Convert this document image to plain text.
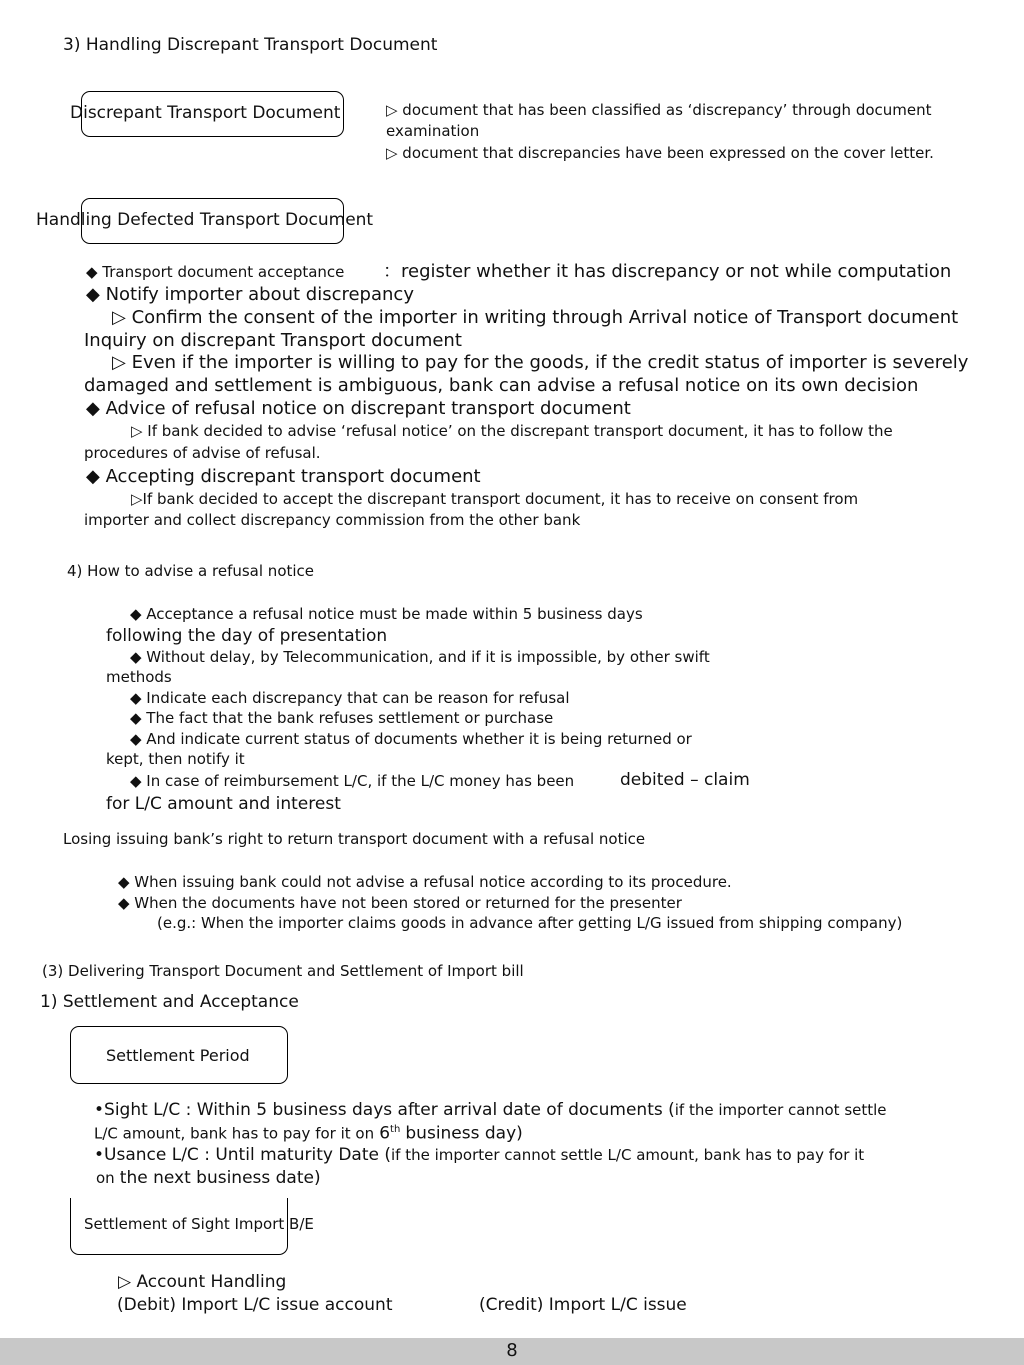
3) Handling Discrepant Transport Document
Discrepant Transport Document	▷ document that has been classified as ‘discrepancy’ through document
examination
▷ document that discrepancies have been expressed on the cover letter.
Handling Defected Transport Document
◆ Transport document acceptance ：register whether it has discrepancy or not while computation
◆ Notify importer about discrepancy
▷ Confirm the consent of the importer in writing through Arrival notice of Transport document
Inquiry on discrepant Transport document
▷ Even if the importer is willing to pay for the goods, if the credit status of importer is severely
damaged and settlement is ambiguous, bank can advise a refusal notice on its own decision
◆ Advice of refusal notice on discrepant transport document
▷ If bank decided to advise ‘refusal notice’ on the discrepant transport document, it has to follow the
procedures of advise of refusal.
◆ Accepting discrepant transport document
▷If bank decided to accept the discrepant transport document, it has to receive on consent from
importer and collect discrepancy commission from the other bank
4) How to advise a refusal notice
◆ Acceptance a refusal notice must be made within 5 business days
following the day of presentation
◆ Without delay, by Telecommunication, and if it is impossible, by other swift
methods
◆ Indicate each discrepancy that can be reason for refusal
◆ The fact that the bank refuses settlement or purchase
◆ And indicate current status of documents whether it is being returned or
kept, then notify it
◆ In case of reimbursement L/C, if the L/C money has been	debited – claim
for L/C amount and interest
Losing issuing bank’s right to return transport document with a refusal notice
◆ When issuing bank could not advise a refusal notice according to its procedure.
◆ When the documents have not been stored or returned for the presenter
(e.g.: When the importer claims goods in advance after getting L/G issued from shipping company)
(3) Delivering Transport Document and Settlement of Import bill
1) Settlement and Acceptance
Settlement Period
•Sight L/C : Within 5 business days after arrival date of documents (if the importer cannot settle
L/C amount, bank has to pay for it on 6th business day)
•Usance L/C : Until maturity Date (if the importer cannot settle L/C amount, bank has to pay for it
on the next business date)
Settlement of Sight Import B/E
▷ Account Handling
(Debit) Import L/C issue account	(Credit) Import L/C issue
8
